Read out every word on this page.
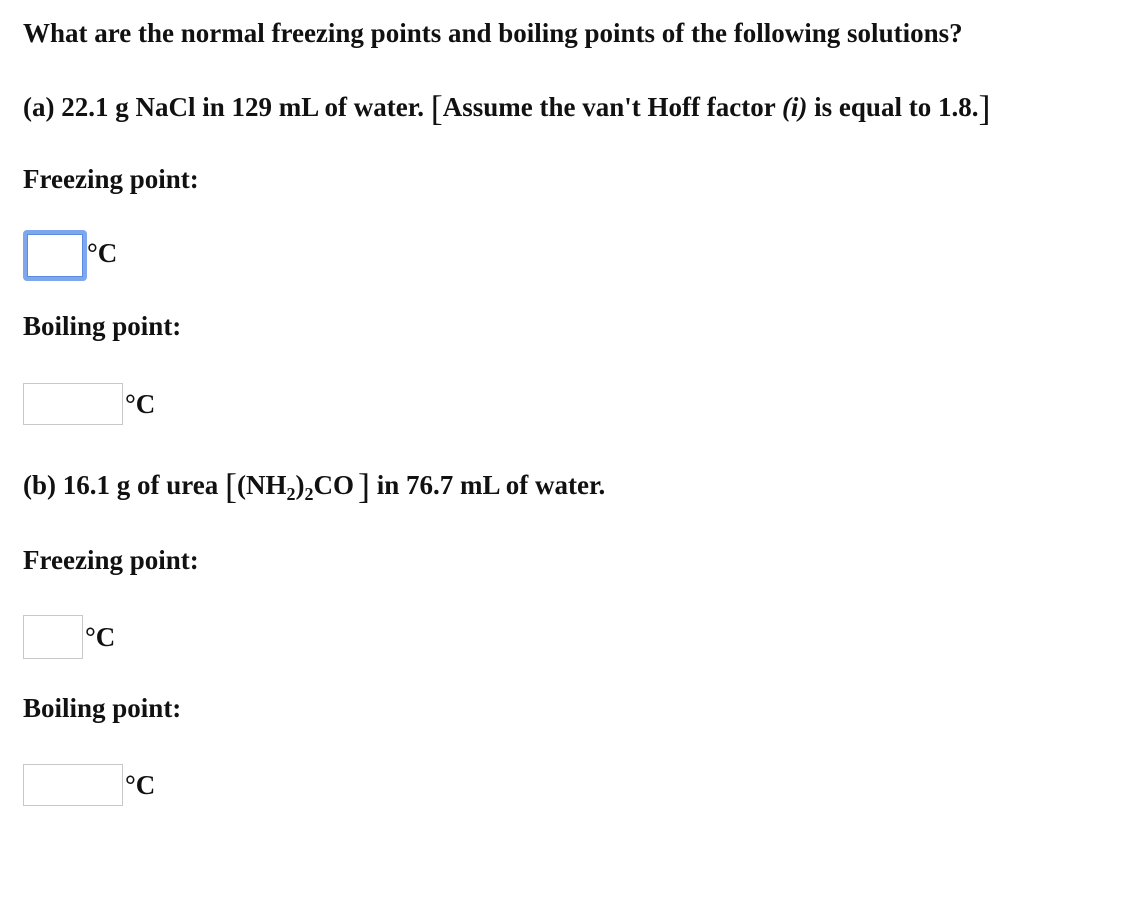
What are the normal freezing points and boiling points of the following solutions?
(a) 22.1 g NaCl in 129 mL of water. [Assume the van't Hoff factor (i) is equal to 1.8.]
Freezing point:
°C
Boiling point:
°C
(b) 16.1 g of urea [$(NH_2)_2CO$ ] in 76.7 mL of water.
Freezing point:
°C
Boiling point:
°C
